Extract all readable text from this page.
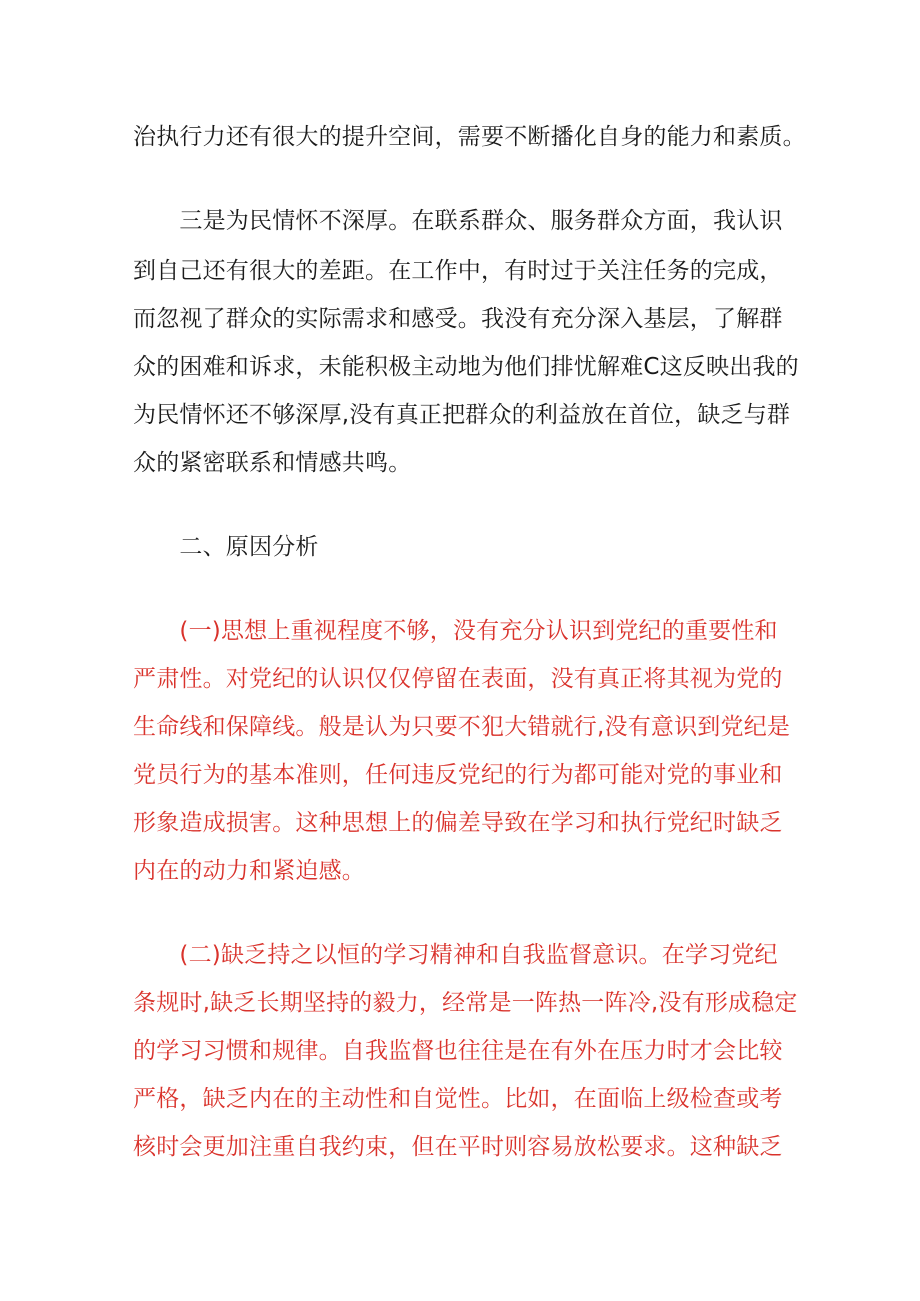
治执行力还有很大的提升空间，需要不断播化自身的能力和素质。
　　三是为民情怀不深厚。在联系群众、服务群众方面，我认识
到自己还有很大的差距。在工作中，有时过于关注任务的完成，
而忽视了群众的实际需求和感受。我没有充分深入基层，了解群
众的困难和诉求，未能积极主动地为他们排忧解难C这反映出我的
为民情怀还不够深厚,没有真正把群众的利益放在首位，缺乏与群
众的紧密联系和情感共鸣。
　　二、原因分析
　　(一)思想上重视程度不够，没有充分认识到党纪的重要性和
严肃性。对党纪的认识仅仅停留在表面，没有真正将其视为党的
生命线和保障线。般是认为只要不犯大错就行,没有意识到党纪是
党员行为的基本准则，任何违反党纪的行为都可能对党的事业和
形象造成损害。这种思想上的偏差导致在学习和执行党纪时缺乏
内在的动力和紧迫感。
　　(二)缺乏持之以恒的学习精神和自我监督意识。在学习党纪
条规时,缺乏长期坚持的毅力，经常是一阵热一阵冷,没有形成稳定
的学习习惯和规律。自我监督也往往是在有外在压力时才会比较
严格，缺乏内在的主动性和自觉性。比如，在面临上级检查或考
核时会更加注重自我约束，但在平时则容易放松要求。这种缺乏
